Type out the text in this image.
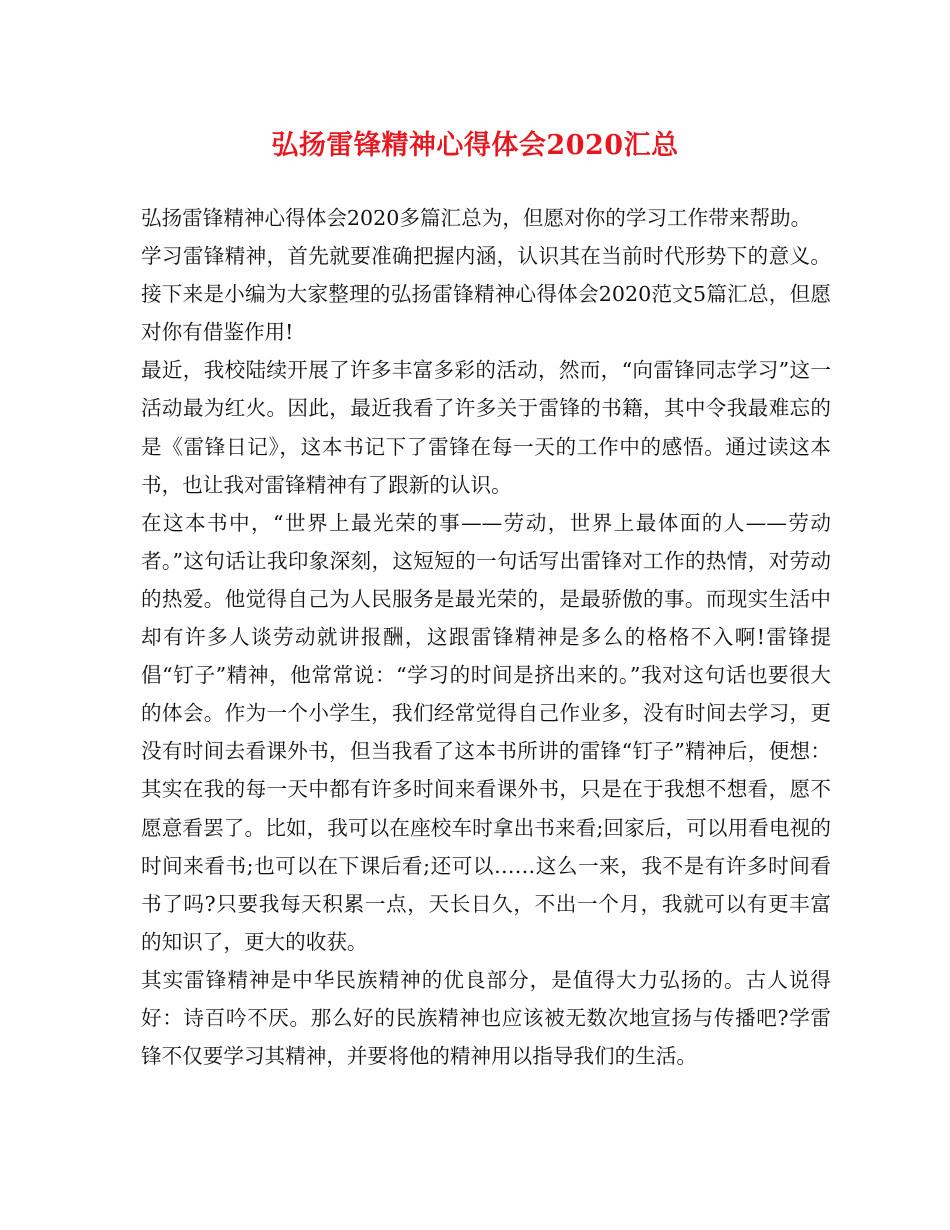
弘扬雷锋精神心得体会2020汇总

弘扬雷锋精神心得体会2020多篇汇总为，但愿对你的学习工作带来帮助。

学习雷锋精神，首先就要准确把握内涵，认识其在当前时代形势下的意义。接下来是小编为大家整理的弘扬雷锋精神心得体会2020范文5篇汇总，但愿对你有借鉴作用!

最近，我校陆续开展了许多丰富多彩的活动，然而，“向雷锋同志学习”这一活动最为红火。因此，最近我看了许多关于雷锋的书籍，其中令我最难忘的是《雷锋日记》，这本书记下了雷锋在每一天的工作中的感悟。通过读这本书，也让我对雷锋精神有了跟新的认识。

在这本书中，“世界上最光荣的事——劳动，世界上最体面的人——劳动者。”这句话让我印象深刻，这短短的一句话写出雷锋对工作的热情，对劳动的热爱。他觉得自己为人民服务是最光荣的，是最骄傲的事。而现实生活中却有许多人谈劳动就讲报酬，这跟雷锋精神是多么的格格不入啊!雷锋提倡“钉子”精神，他常常说：“学习的时间是挤出来的。”我对这句话也要很大的体会。作为一个小学生，我们经常觉得自己作业多，没有时间去学习，更没有时间去看课外书，但当我看了这本书所讲的雷锋“钉子”精神后，便想：其实在我的每一天中都有许多时间来看课外书，只是在于我想不想看，愿不愿意看罢了。比如，我可以在座校车时拿出书来看;回家后，可以用看电视的时间来看书;也可以在下课后看;还可以……这么一来，我不是有许多时间看书了吗?只要我每天积累一点，天长日久，不出一个月，我就可以有更丰富的知识了，更大的收获。

其实雷锋精神是中华民族精神的优良部分，是值得大力弘扬的。古人说得好：诗百吟不厌。那么好的民族精神也应该被无数次地宣扬与传播吧?学雷锋不仅要学习其精神，并要将他的精神用以指导我们的生活。
